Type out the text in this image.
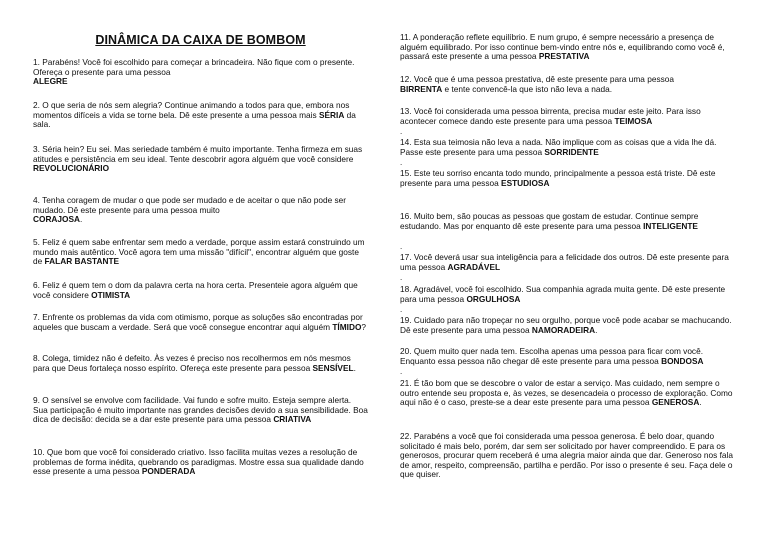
DINÂMICA DA CAIXA DE BOMBOM
1. Parabéns! Você foi escolhido para começar a brincadeira. Não fique com o presente. Ofereça o presente para uma pessoa
ALEGRE
2. O que seria de nós sem alegria? Continue animando a todos para que, embora nos momentos difíceis a vida se torne bela. Dê este presente a uma pessoa mais SÉRIA da sala.
3. Séria hein? Eu sei. Mas seriedade também é muito importante. Tenha firmeza em suas atitudes e persistência em seu ideal. Tente descobrir agora alguém que você considere
REVOLUCIONÁRIO
4. Tenha coragem de mudar o que pode ser mudado e de aceitar o que não pode ser mudado. Dê este presente para uma pessoa muito
CORAJOSA.
5. Feliz é quem sabe enfrentar sem medo a verdade, porque assim estará construindo um mundo mais autêntico. Você agora tem uma missão "difícil", encontrar alguém que goste de FALAR BASTANTE
6. Feliz é quem tem o dom da palavra certa na hora certa. Presenteie agora alguém que você considere OTIMISTA
7. Enfrente os problemas da vida com otimismo, porque as soluções são encontradas por aqueles que buscam a verdade. Será que você consegue encontrar aqui alguém TÍMIDO?
8. Colega, timidez não é defeito. Às vezes é preciso nos recolhermos em nós mesmos para que Deus fortaleça nosso espírito. Ofereça este presente para pessoa SENSÍVEL.
9. O sensível se envolve com facilidade. Vai fundo e sofre muito. Esteja sempre alerta. Sua participação é muito importante nas grandes decisões devido a sua sensibilidade. Boa dica de decisão: decida se a dar este presente para uma pessoa CRIATIVA
10. Que bom que você foi considerado criativo. Isso facilita muitas vezes a resolução de problemas de forma inédita, quebrando os paradigmas. Mostre essa sua qualidade dando esse presente a uma pessoa PONDERADA
11. A ponderação reflete equilíbrio. E num grupo, é sempre necessário a presença de alguém equilibrado. Por isso continue bem-vindo entre nós e, equilibrando como você é, passará este presente a uma pessoa PRESTATIVA
12. Você que é uma pessoa prestativa, dê este presente para uma pessoa
BIRRENTA e tente convencê-la que isto não leva a nada.
13. Você foi considerada uma pessoa birrenta, precisa mudar este jeito. Para isso acontecer comece dando este presente para uma pessoa TEIMOSA
.
14. Esta sua teimosia não leva a nada. Não implique com as coisas que a vida lhe dá. Passe este presente para uma pessoa SORRIDENTE
.
15. Este teu sorriso encanta todo mundo, principalmente a pessoa está triste. Dê este presente para uma pessoa ESTUDIOSA
16. Muito bem, são poucas as pessoas que gostam de estudar. Continue sempre estudando. Mas por enquanto dê este presente para uma pessoa INTELIGENTE
.
17. Você deverá usar sua inteligência para a felicidade dos outros. Dê este presente para uma pessoa AGRADÁVEL
.
18. Agradável, você foi escolhido. Sua companhia agrada muita gente. Dê este presente para uma pessoa ORGULHOSA
.
19. Cuidado para não tropeçar no seu orgulho, porque você pode acabar se machucando. Dê este presente para uma pessoa NAMORADEIRA.
20. Quem muito quer nada tem. Escolha apenas uma pessoa para ficar com você. Enquanto essa pessoa não chegar dê este presente para uma pessoa BONDOSA
.
21. É tão bom que se descobre o valor de estar a serviço. Mas cuidado, nem sempre o outro entende seu proposta e, às vezes, se desencadeia o processo de exploração. Como aqui não é o caso, preste-se a dear este presente para uma pessoa GENEROSA.
22. Parabéns a você que foi considerada uma pessoa generosa. É belo doar, quando solicitado é mais belo, porém, dar sem ser solicitado por haver compreendido. E para os generosos, procurar quem receberá é uma alegria maior ainda que dar. Generoso nos fala de amor, respeito, compreensão, partilha e perdão. Por isso o presente é seu. Faça dele o que quiser.
